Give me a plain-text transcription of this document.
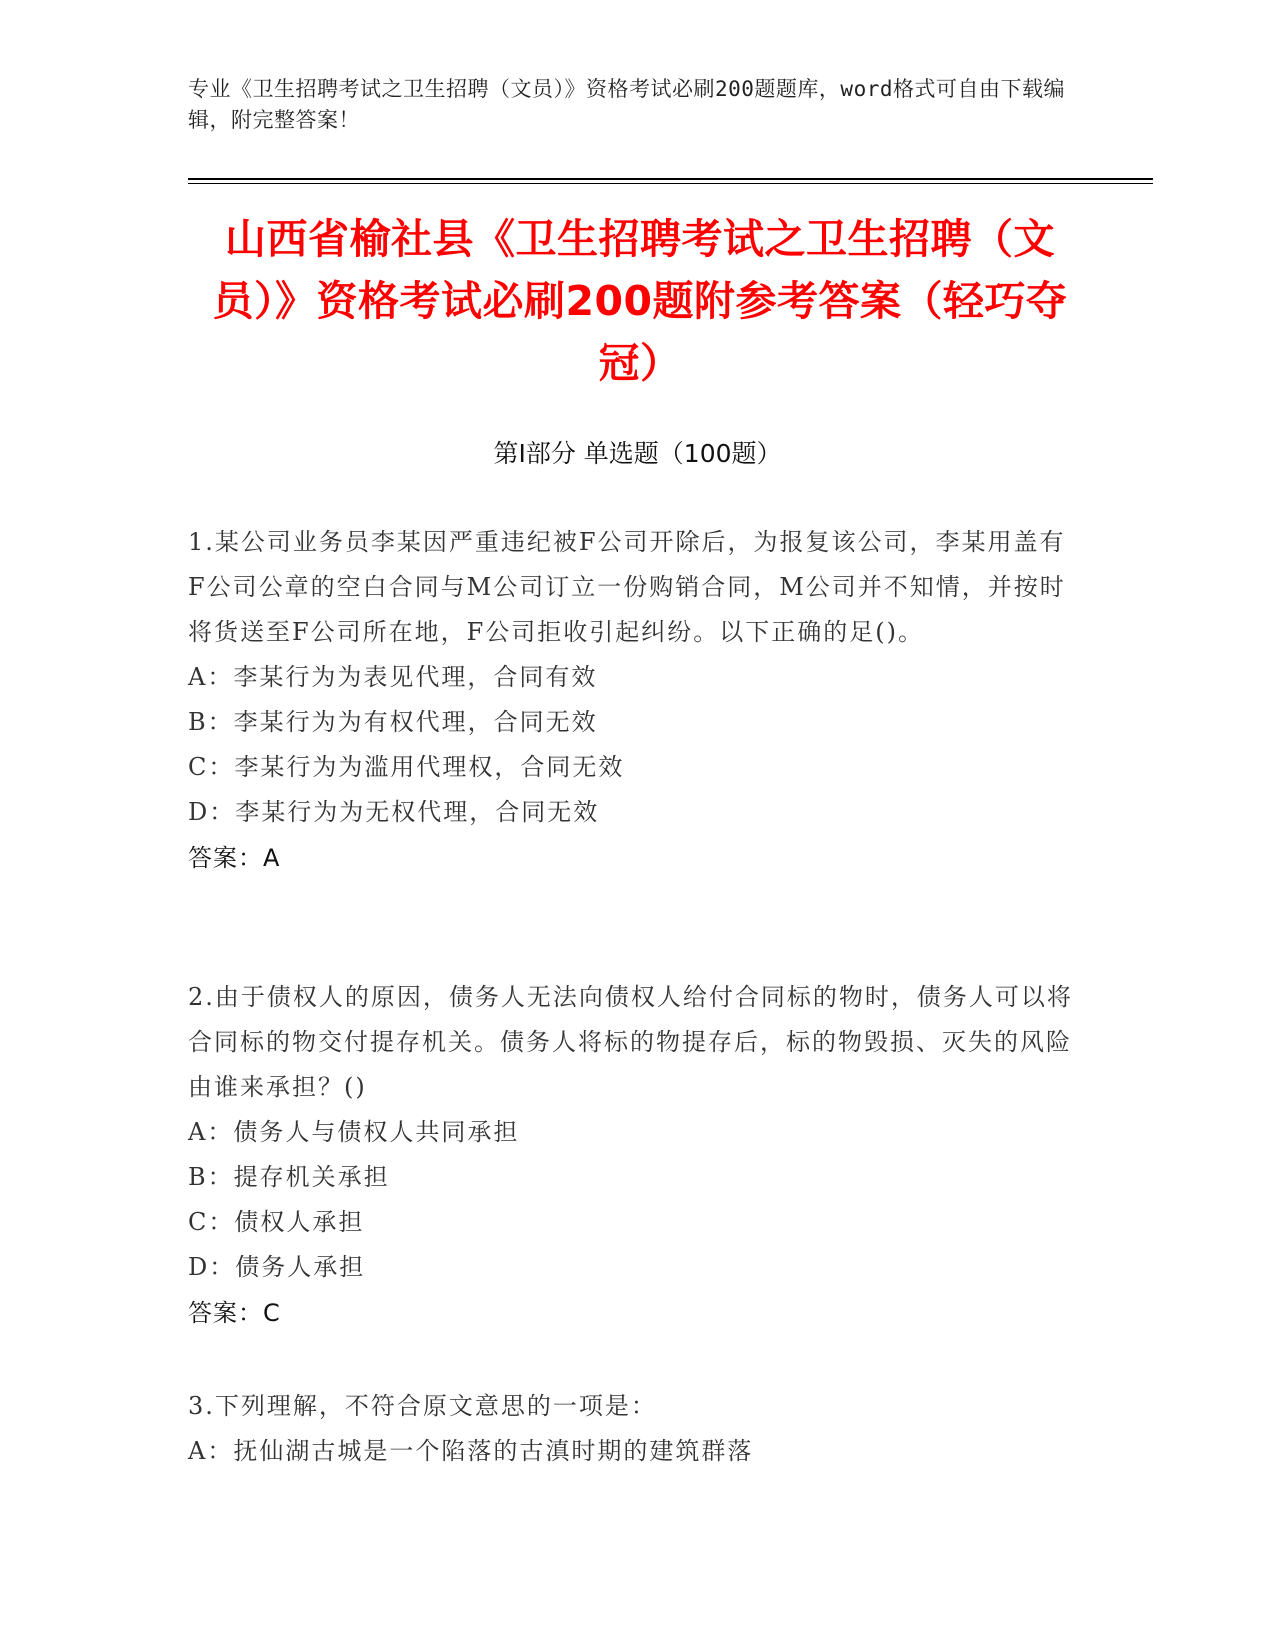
专业《卫生招聘考试之卫生招聘（文员）》资格考试必刷200题题库，word格式可自由下载编辑，附完整答案！
山西省榆社县《卫生招聘考试之卫生招聘（文员）》资格考试必刷200题附参考答案（轻巧夺冠）
第Ⅰ部分 单选题（100题）
1.某公司业务员李某因严重违纪被F公司开除后，为报复该公司，李某用盖有F公司公章的空白合同与M公司订立一份购销合同，M公司并不知情，并按时将货送至F公司所在地，F公司拒收引起纠纷。以下正确的足()。
A：李某行为为表见代理，合同有效
B：李某行为为有权代理，合同无效
C：李某行为为滥用代理权，合同无效
D：李某行为为无权代理，合同无效
答案：A
2.由于债权人的原因，债务人无法向债权人给付合同标的物时，债务人可以将合同标的物交付提存机关。债务人将标的物提存后，标的物毁损、灭失的风险由谁来承担？()
A：债务人与债权人共同承担
B：提存机关承担
C：债权人承担
D：债务人承担
答案：C
3.下列理解，不符合原文意思的一项是：
A：抚仙湖古城是一个陷落的古滇时期的建筑群落
